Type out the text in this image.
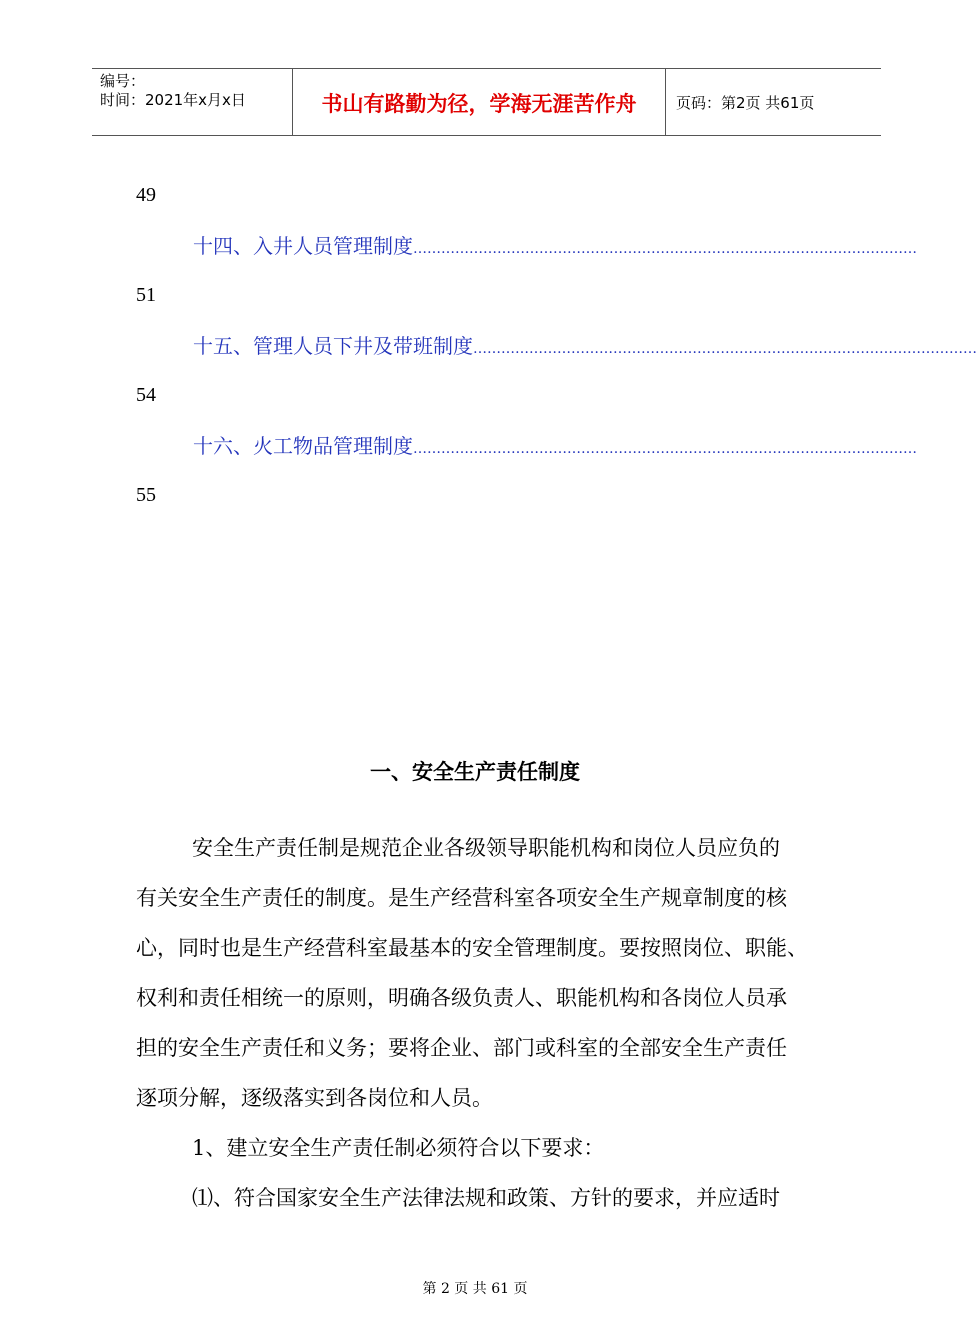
编号：
时间：2021年x月x日	书山有路勤为径，学海无涯苦作舟	页码：第2页 共61页
49
十四、入井人员管理制度 ………………………………………………………………………………………………
51
十五、管理人员下井及带班制度 ………………………………………………………………………………………………
54
十六、火工物品管理制度 ………………………………………………………………………………………………
55
一、安全生产责任制度
安全生产责任制是规范企业各级领导职能机构和岗位人员应负的
有关安全生产责任的制度。是生产经营科室各项安全生产规章制度的核
心，同时也是生产经营科室最基本的安全管理制度。要按照岗位、职能、
权利和责任相统一的原则，明确各级负责人、职能机构和各岗位人员承
担的安全生产责任和义务；要将企业、部门或科室的全部安全生产责任
逐项分解，逐级落实到各岗位和人员。
1、建立安全生产责任制必须符合以下要求：
⑴、符合国家安全生产法律法规和政策、方针的要求，并应适时
第 2 页 共 61 页
